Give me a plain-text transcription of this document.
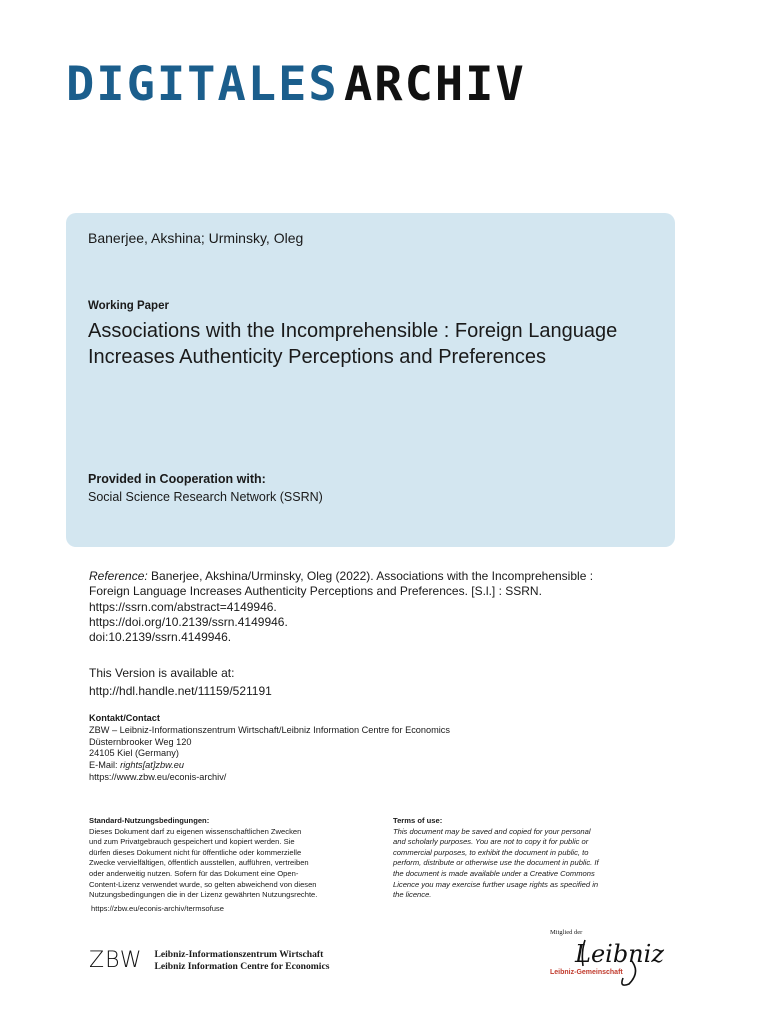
DIGITALES ARCHIV
Banerjee, Akshina; Urminsky, Oleg
Working Paper
Associations with the Incomprehensible : Foreign Language Increases Authenticity Perceptions and Preferences
Provided in Cooperation with:
Social Science Research Network (SSRN)
Reference: Banerjee, Akshina/Urminsky, Oleg (2022). Associations with the Incomprehensible :
Foreign Language Increases Authenticity Perceptions and Preferences. [S.l.] : SSRN.
https://ssrn.com/abstract=4149946.
https://doi.org/10.2139/ssrn.4149946.
doi:10.2139/ssrn.4149946.
This Version is available at:
http://hdl.handle.net/11159/521191
Kontakt/Contact
ZBW – Leibniz-Informationszentrum Wirtschaft/Leibniz Information Centre for Economics
Düsternbrooker Weg 120
24105 Kiel (Germany)
E-Mail: rights[at]zbw.eu
https://www.zbw.eu/econis-archiv/
Standard-Nutzungsbedingungen:
Dieses Dokument darf zu eigenen wissenschaftlichen Zwecken
und zum Privatgebrauch gespeichert und kopiert werden. Sie
dürfen dieses Dokument nicht für öffentliche oder kommerzielle
Zwecke vervielfältigen, öffentlich ausstellen, aufführen, vertreiben
oder anderweitig nutzen. Sofern für das Dokument eine Open-
Content-Lizenz verwendet wurde, so gelten abweichend von diesen
Nutzungsbedingungen die in der Lizenz gewährten Nutzungsrechte.
Terms of use:
This document may be saved and copied for your personal
and scholarly purposes. You are not to copy it for public or
commercial purposes, to exhibit the document in public, to
perform, distribute or otherwise use the document in public. If
the document is made available under a Creative Commons
Licence you may exercise further usage rights as specified in
the licence.
https://zbw.eu/econis-archiv/termsofuse
ZBW Leibniz-Informationszentrum Wirtschaft
Leibniz Information Centre for Economics
Mitglied der
Leibniz
Leibniz-Gemeinschaft
